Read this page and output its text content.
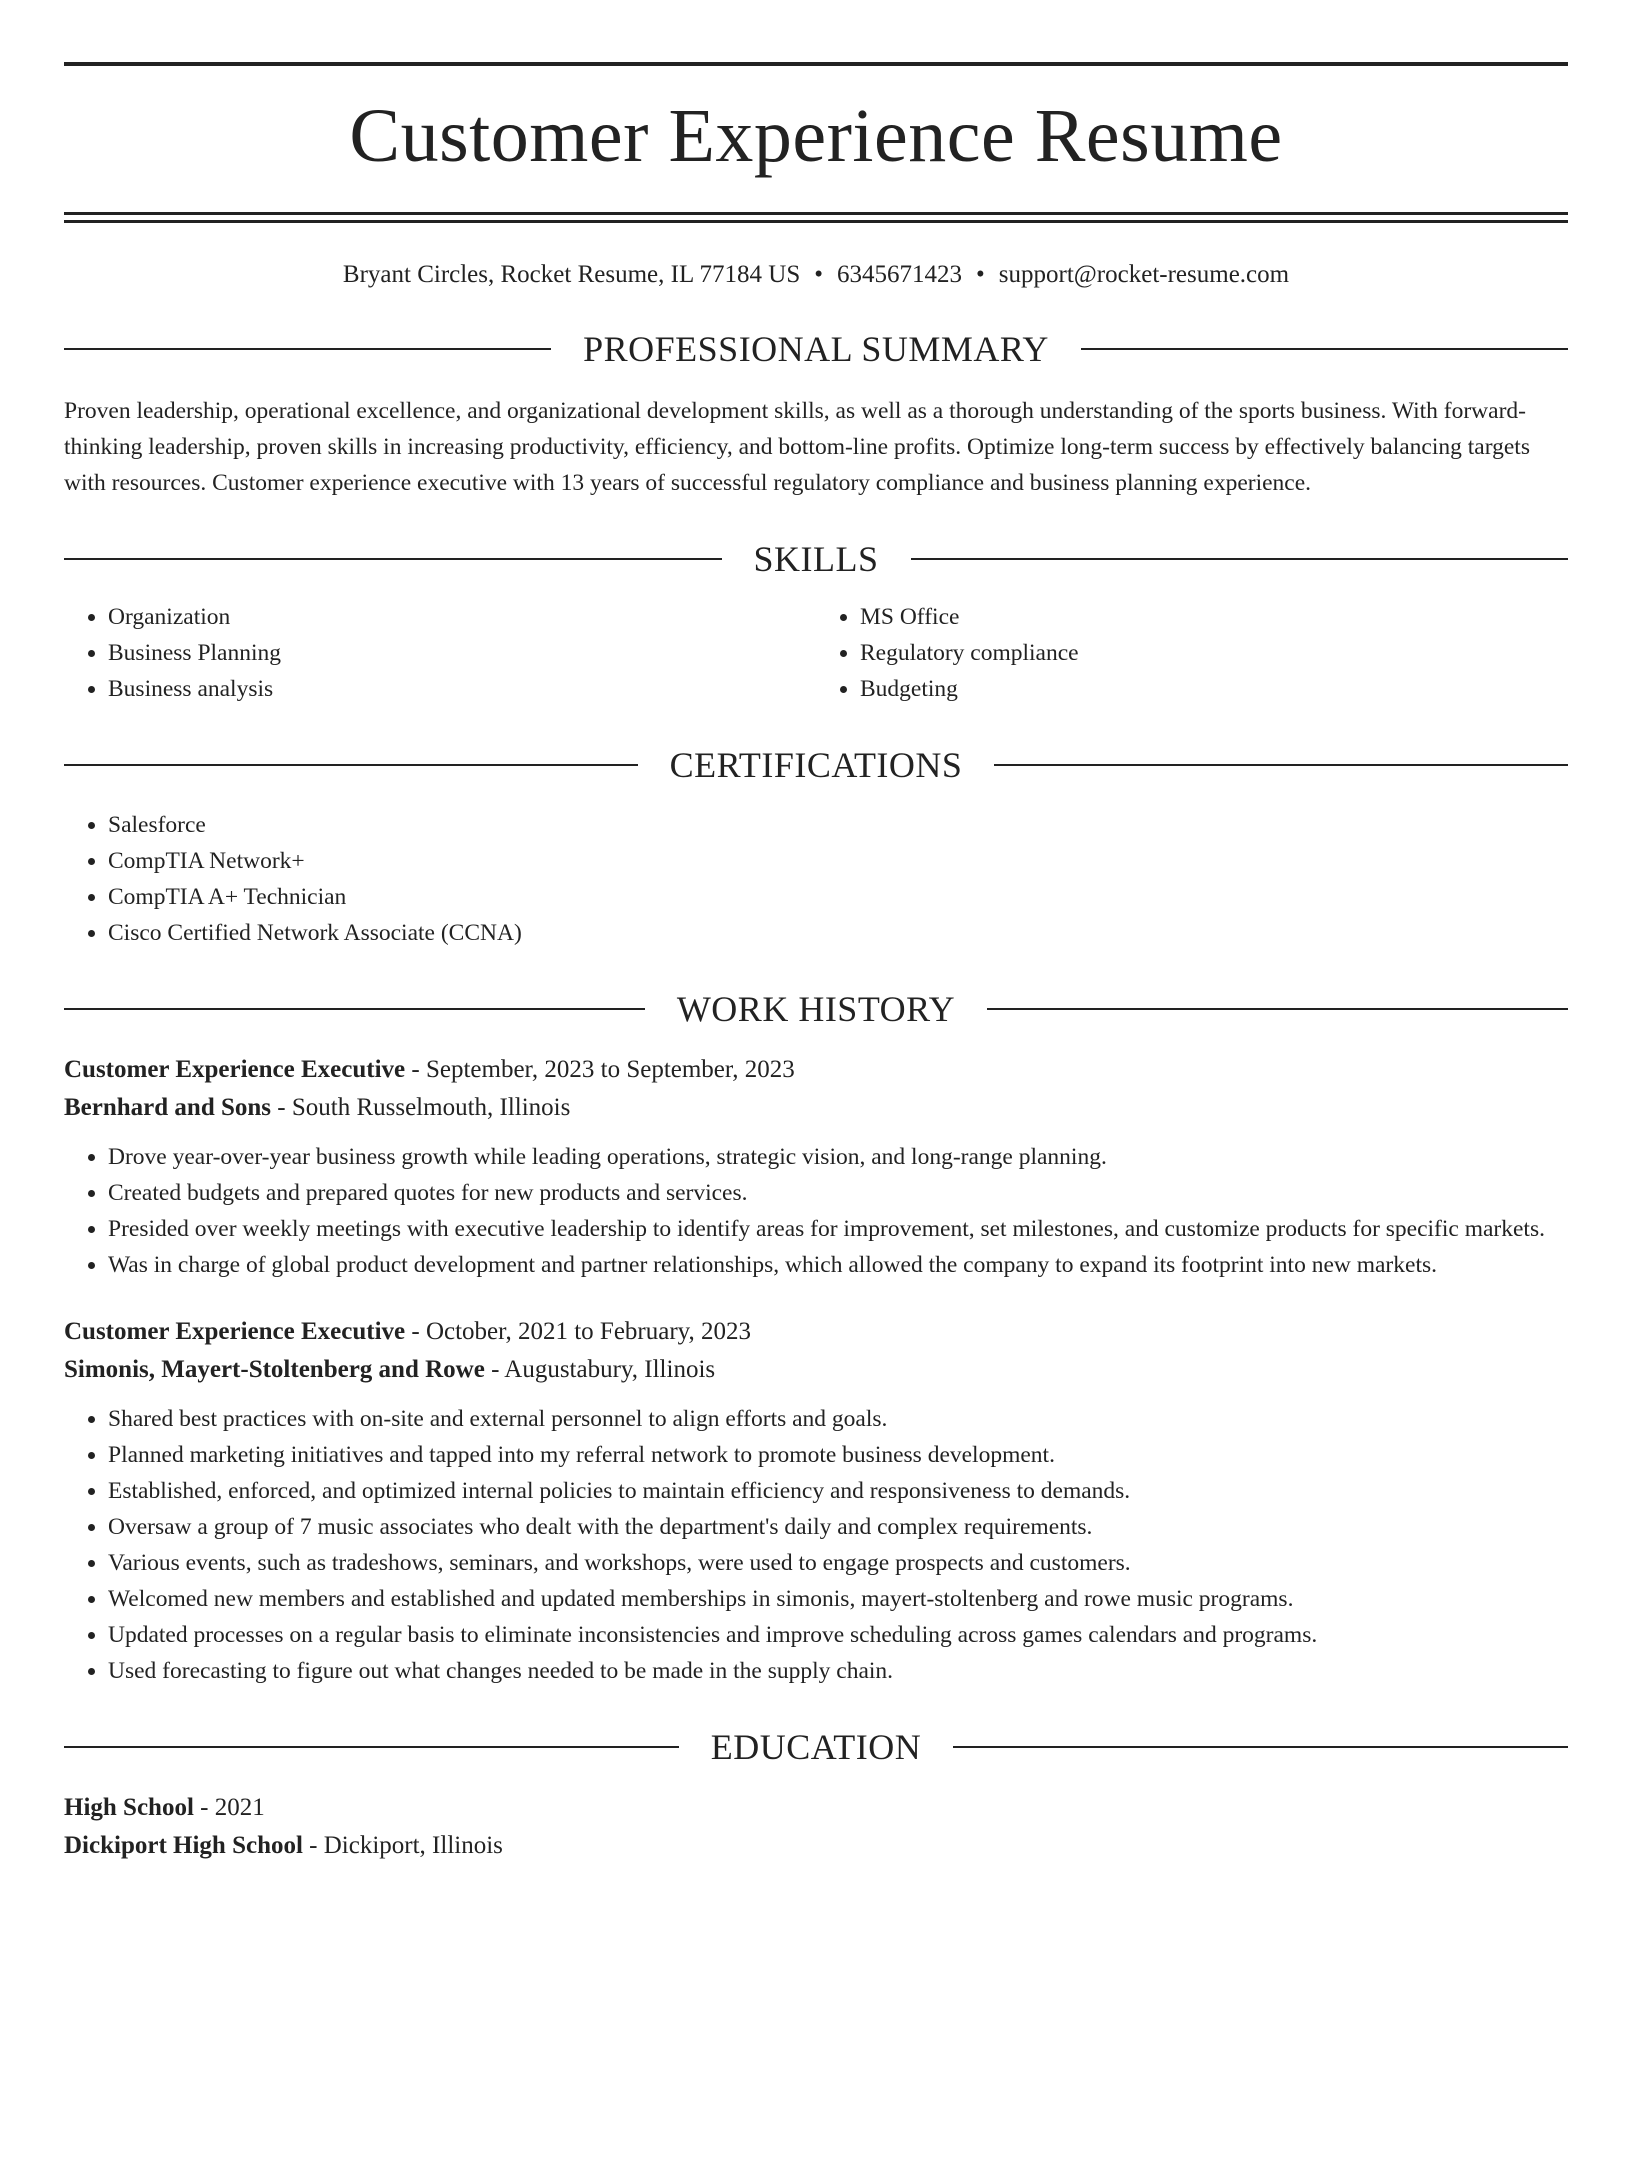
Customer Experience Resume
Bryant Circles, Rocket Resume, IL 77184 US • 6345671423 • support@rocket-resume.com
PROFESSIONAL SUMMARY
Proven leadership, operational excellence, and organizational development skills, as well as a thorough understanding of the sports business. With forward-thinking leadership, proven skills in increasing productivity, efficiency, and bottom-line profits. Optimize long-term success by effectively balancing targets with resources. Customer experience executive with 13 years of successful regulatory compliance and business planning experience.
SKILLS
• Organization
• Business Planning
• Business analysis
• MS Office
• Regulatory compliance
• Budgeting
CERTIFICATIONS
• Salesforce
• CompTIA Network+
• CompTIA A+ Technician
• Cisco Certified Network Associate (CCNA)
WORK HISTORY
Customer Experience Executive - September, 2023 to September, 2023
Bernhard and Sons - South Russelmouth, Illinois
• Drove year-over-year business growth while leading operations, strategic vision, and long-range planning.
• Created budgets and prepared quotes for new products and services.
• Presided over weekly meetings with executive leadership to identify areas for improvement, set milestones, and customize products for specific markets.
• Was in charge of global product development and partner relationships, which allowed the company to expand its footprint into new markets.
Customer Experience Executive - October, 2021 to February, 2023
Simonis, Mayert-Stoltenberg and Rowe - Augustabury, Illinois
• Shared best practices with on-site and external personnel to align efforts and goals.
• Planned marketing initiatives and tapped into my referral network to promote business development.
• Established, enforced, and optimized internal policies to maintain efficiency and responsiveness to demands.
• Oversaw a group of 7 music associates who dealt with the department's daily and complex requirements.
• Various events, such as tradeshows, seminars, and workshops, were used to engage prospects and customers.
• Welcomed new members and established and updated memberships in simonis, mayert-stoltenberg and rowe music programs.
• Updated processes on a regular basis to eliminate inconsistencies and improve scheduling across games calendars and programs.
• Used forecasting to figure out what changes needed to be made in the supply chain.
EDUCATION
High School - 2021
Dickiport High School - Dickiport, Illinois
